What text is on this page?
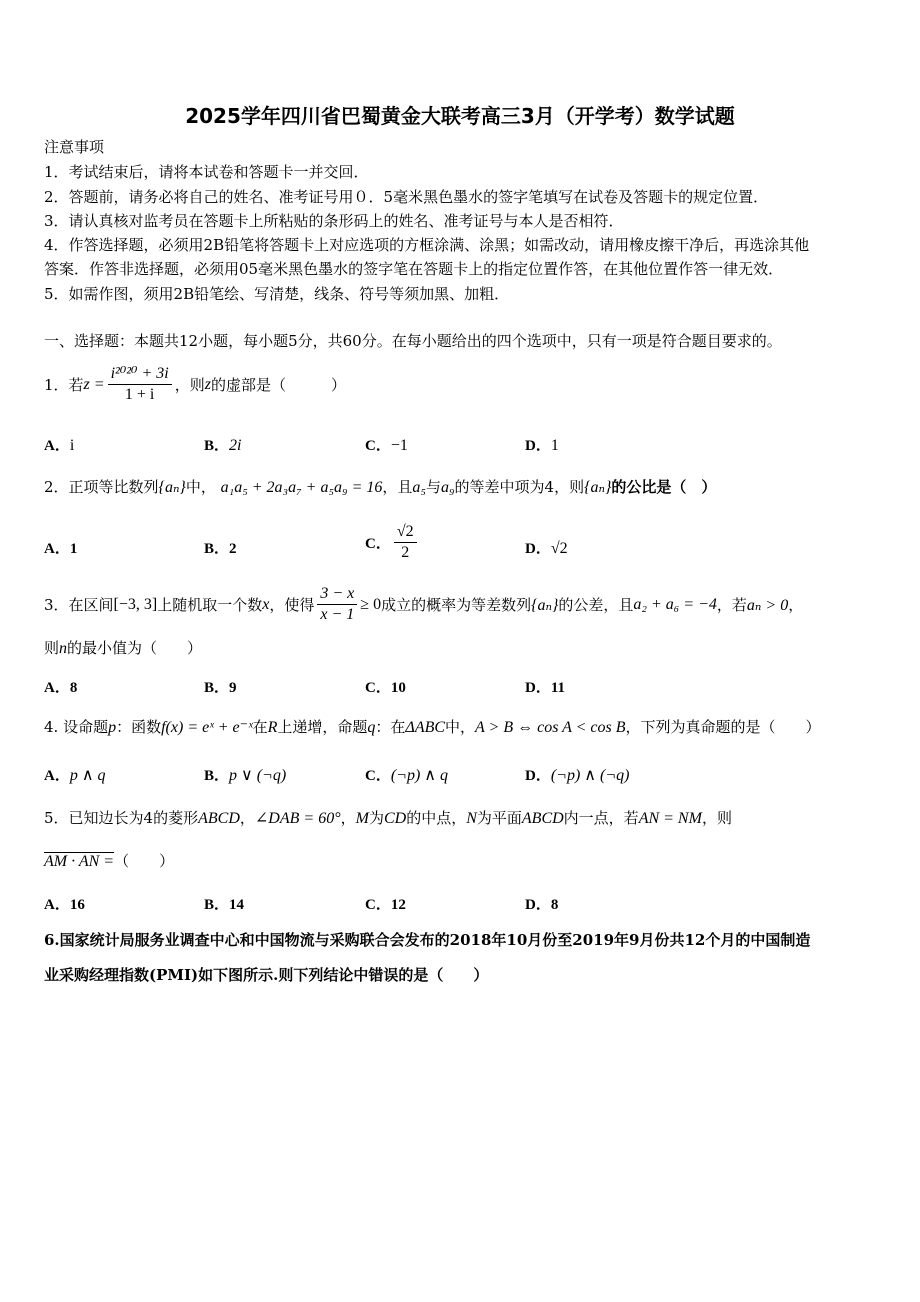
2025学年四川省巴蜀黄金大联考高三3月（开学考）数学试题
注意事项
1．考试结束后，请将本试卷和答题卡一并交回．
2．答题前，请务必将自己的姓名、准考证号用０．5毫米黑色墨水的签字笔填写在试卷及答题卡的规定位置．
3．请认真核对监考员在答题卡上所粘贴的条形码上的姓名、准考证号与本人是否相符．
4．作答选择题，必须用2B铅笔将答题卡上对应选项的方框涂满、涂黑；如需改动，请用橡皮擦干净后，再选涂其他
答案．作答非选择题，必须用05毫米黑色墨水的签字笔在答题卡上的指定位置作答，在其他位置作答一律无效．
5．如需作图，须用2B铅笔绘、写清楚，线条、符号等须加黑、加粗．
一、选择题：本题共12小题，每小题5分，共60分。在每小题给出的四个选项中，只有一项是符合题目要求的。
1．若 $z = \frac{\text{i²⁰²⁰ + 3i}}{1 + i}$ ，则 z 的虚部是（　　　）
A．i	B．2i	C．−1	D．1
2．正项等比数列{aₙ}中， a₁a₅ + 2a₃a₇ + a₅a₉ = 16，且a₅与a₉的等差中项为4，则{aₙ}的公比是（　）
A．1	B．2	C． $\frac{√2}{2}$	D．√2
3．在区间 [−3, 3] 上随机取一个数 x ，使得 $\frac{3 - x}{x - 1} \ge 0$ 成立的概率为等差数列 {aₙ} 的公差，且 a₂ + a₆ = −4 ，若 aₙ > 0 ，
则n的最小值为（　　）
A．8	B．9	C．10	D．11
4. 设命题p：函数f(x) = eˣ + e⁻ˣ在R上递增，命题q：在ΔABC中，A > B ⇔ cos A < cos B，下列为真命题的是（　　）
A．p ∧ q	B．p ∨ (¬q)	C．(¬p) ∧ q	D．(¬p) ∧ (¬q)
5．已知边长为4的菱形ABCD，∠DAB = 60°，M为CD的中点，N为平面ABCD内一点，若AN = NM，则
AM · AN =（　　）
A．16	B．14	C．12	D．8
6.国家统计局服务业调查中心和中国物流与采购联合会发布的2018年10月份至2019年9月份共12个月的中国制造
业采购经理指数(PMI)如下图所示.则下列结论中错误的是（　　）
